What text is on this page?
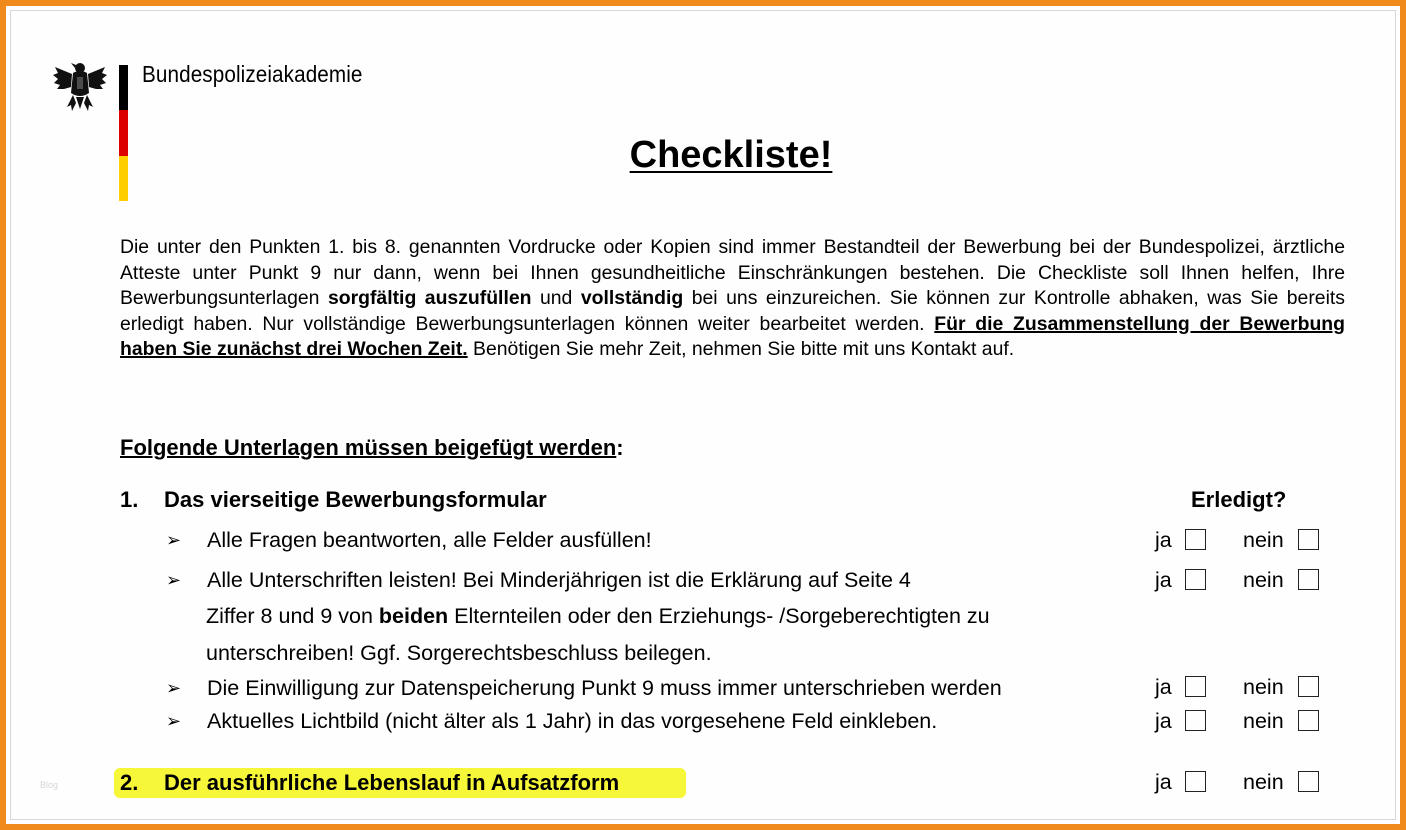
Bundespolizeiakademie
Checkliste!
Die unter den Punkten 1. bis 8. genannten Vordrucke oder Kopien sind immer Bestandteil der Bewerbung bei der Bundespolizei, ärztliche Atteste unter Punkt 9 nur dann, wenn bei Ihnen gesundheitliche Einschränkungen bestehen. Die Checkliste soll Ihnen helfen, Ihre Bewerbungsunterlagen sorgfältig auszufüllen und vollständig bei uns einzureichen. Sie können zur Kontrolle abhaken, was Sie bereits erledigt haben. Nur vollständige Bewerbungsunterlagen können weiter bearbeitet werden. Für die Zusammenstellung der Bewerbung haben Sie zunächst drei Wochen Zeit. Benötigen Sie mehr Zeit, nehmen Sie bitte mit uns Kontakt auf.
Folgende Unterlagen müssen beigefügt werden:
1. Das vierseitige Bewerbungsformular	Erledigt?
➢ Alle Fragen beantworten, alle Felder ausfüllen!	ja	nein
➢ Alle Unterschriften leisten! Bei Minderjährigen ist die Erklärung auf Seite 4
Ziffer 8 und 9 von beiden Elternteilen oder den Erziehungs- /Sorgeberechtigten zu
unterschreiben! Ggf. Sorgerechtsbeschluss beilegen.
ja	nein
➢ Die Einwilligung zur Datenspeicherung Punkt 9 muss immer unterschrieben werden	ja	nein
➢ Aktuelles Lichtbild (nicht älter als 1 Jahr) in das vorgesehene Feld einkleben.	ja	nein
2. Der ausführliche Lebenslauf in Aufsatzform	ja	nein
Blog
